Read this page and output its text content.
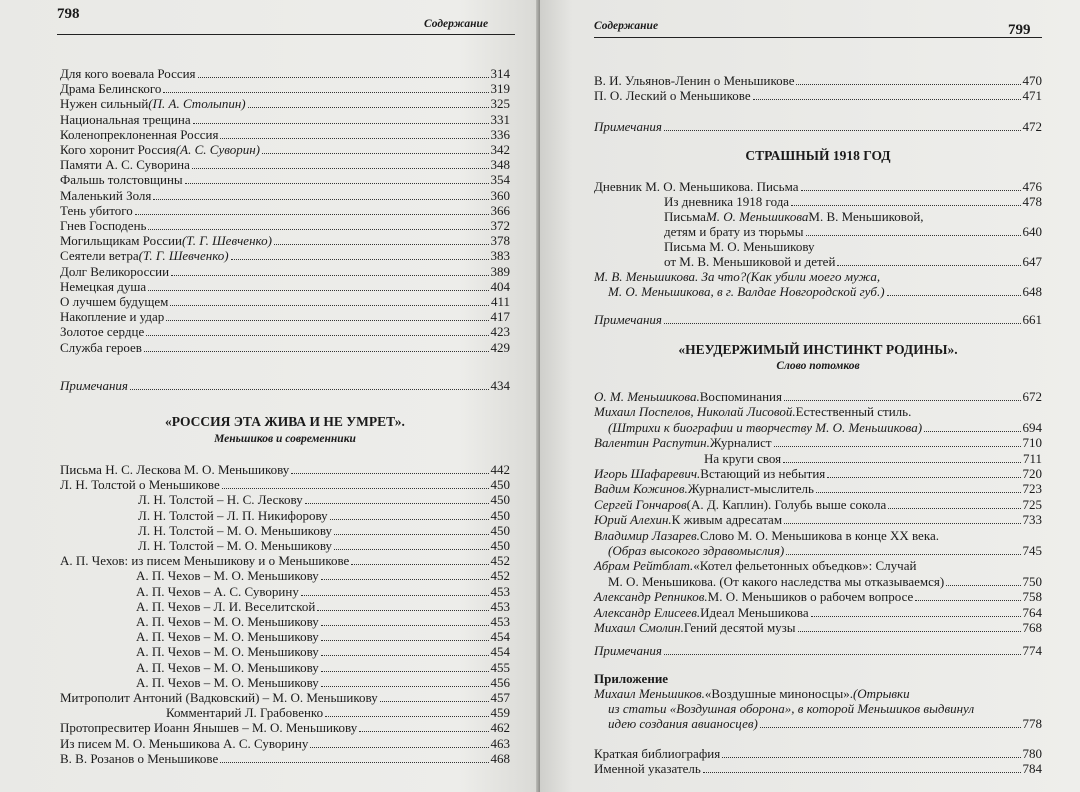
798
Содержание
Для кого воевала Россия	314
Драма Белинского	319
Нужен сильный (П. А. Столыпин)	325
Национальная трещина	331
Коленопреклоненная Россия	336
Кого хоронит Россия (А. С. Суворин)	342
Памяти А. С. Суворина	348
Фальшь толстовщины	354
Маленький Золя	360
Тень убитого	366
Гнев Господень	372
Могильщикам России (Т. Г. Шевченко)	378
Сеятели ветра (Т. Г. Шевченко)	383
Долг Великороссии	389
Немецкая душа	404
О лучшем будущем	411
Накопление и удар	417
Золотое сердце	423
Служба героев	429
Примечания	434
«РОССИЯ ЭТА ЖИВА И НЕ УМРЕТ».
Меньшиков и современники
Письма Н. С. Лескова М. О. Меньшикову	442
Л. Н. Толстой о Меньшикове	450
Л. Н. Толстой – Н. С. Лескову	450
Л. Н. Толстой – Л. П. Никифорову	450
Л. Н. Толстой – М. О. Меньшикову	450
Л. Н. Толстой – М. О. Меньшикову	450
А. П. Чехов: из писем Меньшикову и о Меньшикове	452
А. П. Чехов – М. О. Меньшикову	452
А. П. Чехов – А. С. Суворину	453
А. П. Чехов – Л. И. Веселитской	453
А. П. Чехов – М. О. Меньшикову	453
А. П. Чехов – М. О. Меньшикову	454
А. П. Чехов – М. О. Меньшикову	454
А. П. Чехов – М. О. Меньшикову	455
А. П. Чехов – М. О. Меньшикову	456
Митрополит Антоний (Вадковский) – М. О. Меньшикову	457
Комментарий Л. Грабовенко	459
Протопресвитер Иоанн Янышев – М. О. Меньшикову	462
Из писем М. О. Меньшикова А. С. Суворину	463
В. В. Розанов о Меньшикове	468
Содержание	799
В. И. Ульянов-Ленин о Меньшикове	470
П. О. Леский о Меньшикове	471
Примечания	472
СТРАШНЫЙ 1918 ГОД
Дневник М. О. Меньшикова. Письма	476
Из дневника 1918 года	478
Письма М. О. Меньшикова М. В. Меньшиковой,
детям и брату из тюрьмы	640
Письма М. О. Меньшикову
от М. В. Меньшиковой и детей	647
М. В. Меньшикова. За что? (Как убили моего мужа,
М. О. Меньшикова, в г. Валдае Новгородской губ.)	648
Примечания	661
«НЕУДЕРЖИМЫЙ ИНСТИНКТ РОДИНЫ».
Слово потомков
О. М. Меньшикова. Воспоминания	672
Михаил Поспелов, Николай Лисовой. Естественный стиль.
(Штрихи к биографии и творчеству М. О. Меньшикова)	694
Валентин Распутин. Журналист	710
На круги своя	711
Игорь Шафаревич. Встающий из небытия	720
Вадим Кожинов. Журналист-мыслитель	723
Сергей Гончаров (А. Д. Каплин). Голубь выше сокола	725
Юрий Алехин. К живым адресатам	733
Владимир Лазарев. Слово М. О. Меньшикова в конце XX века.
(Образ высокого здравомыслия)	745
Абрам Рейтблат. «Котел фельетонных объедков»: Случай
М. О. Меньшикова. (От какого наследства мы отказываемся)	750
Александр Репников. М. О. Меньшиков о рабочем вопросе	758
Александр Елисеев. Идеал Меньшикова	764
Михаил Смолин. Гений десятой музы	768
Примечания	774
Приложение
Михаил Меньшиков. «Воздушные миноносцы». (Отрывки
из статьи «Воздушная оборона», в которой Меньшиков выдвинул
идею создания авианосцев)	778
Краткая библиография	780
Именной указатель	784
